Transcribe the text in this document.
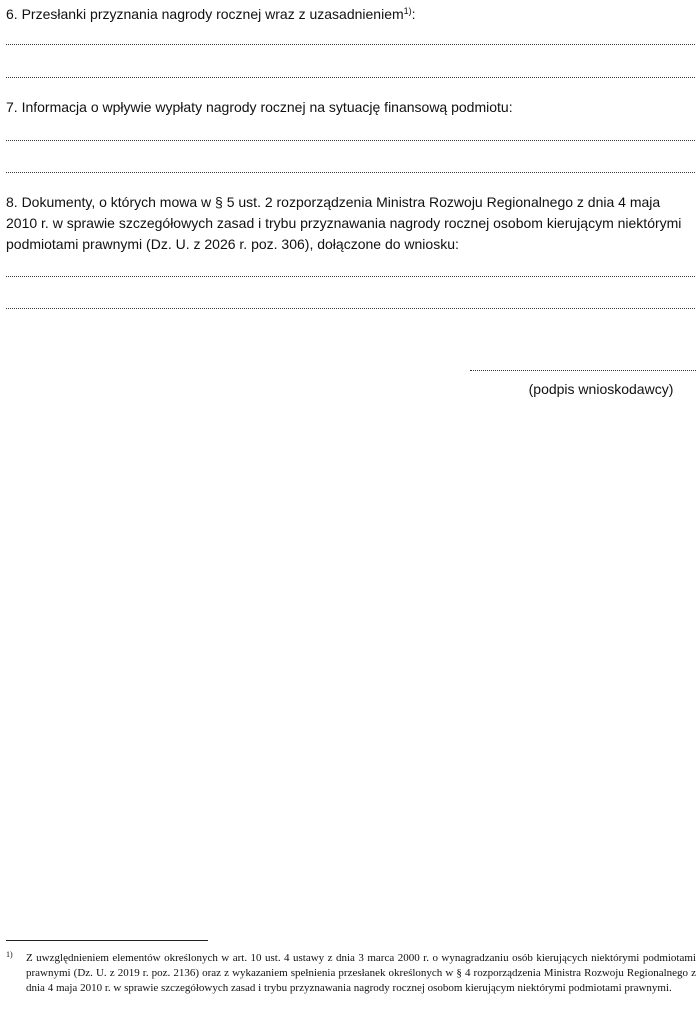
6. Przesłanki przyznania nagrody rocznej wraz z uzasadnieniem$^{1)}$:

7. Informacja o wpływie wypłaty nagrody rocznej na sytuację finansową podmiotu:

8. Dokumenty, o których mowa w § 5 ust. 2 rozporządzenia Ministra Rozwoju Regionalnego z dnia 4 maja 2010 r. w sprawie szczegółowych zasad i trybu przyznawania nagrody rocznej osobom kierującym niektórymi podmiotami prawnymi (Dz. U. z 2026 r. poz. 306), dołączone do wniosku:

(podpis wnioskodawcy)
1) Z uwzględnieniem elementów określonych w art. 10 ust. 4 ustawy z dnia 3 marca 2000 r. o wynagradzaniu osób kierujących niektórymi podmiotami prawnymi (Dz. U. z 2019 r. poz. 2136) oraz z wykazaniem spełnienia przesłanek określonych w § 4 rozporządzenia Ministra Rozwoju Regionalnego z dnia 4 maja 2010 r. w sprawie szczegółowych zasad i trybu przyznawania nagrody rocznej osobom kierującym niektórymi podmiotami prawnymi.
